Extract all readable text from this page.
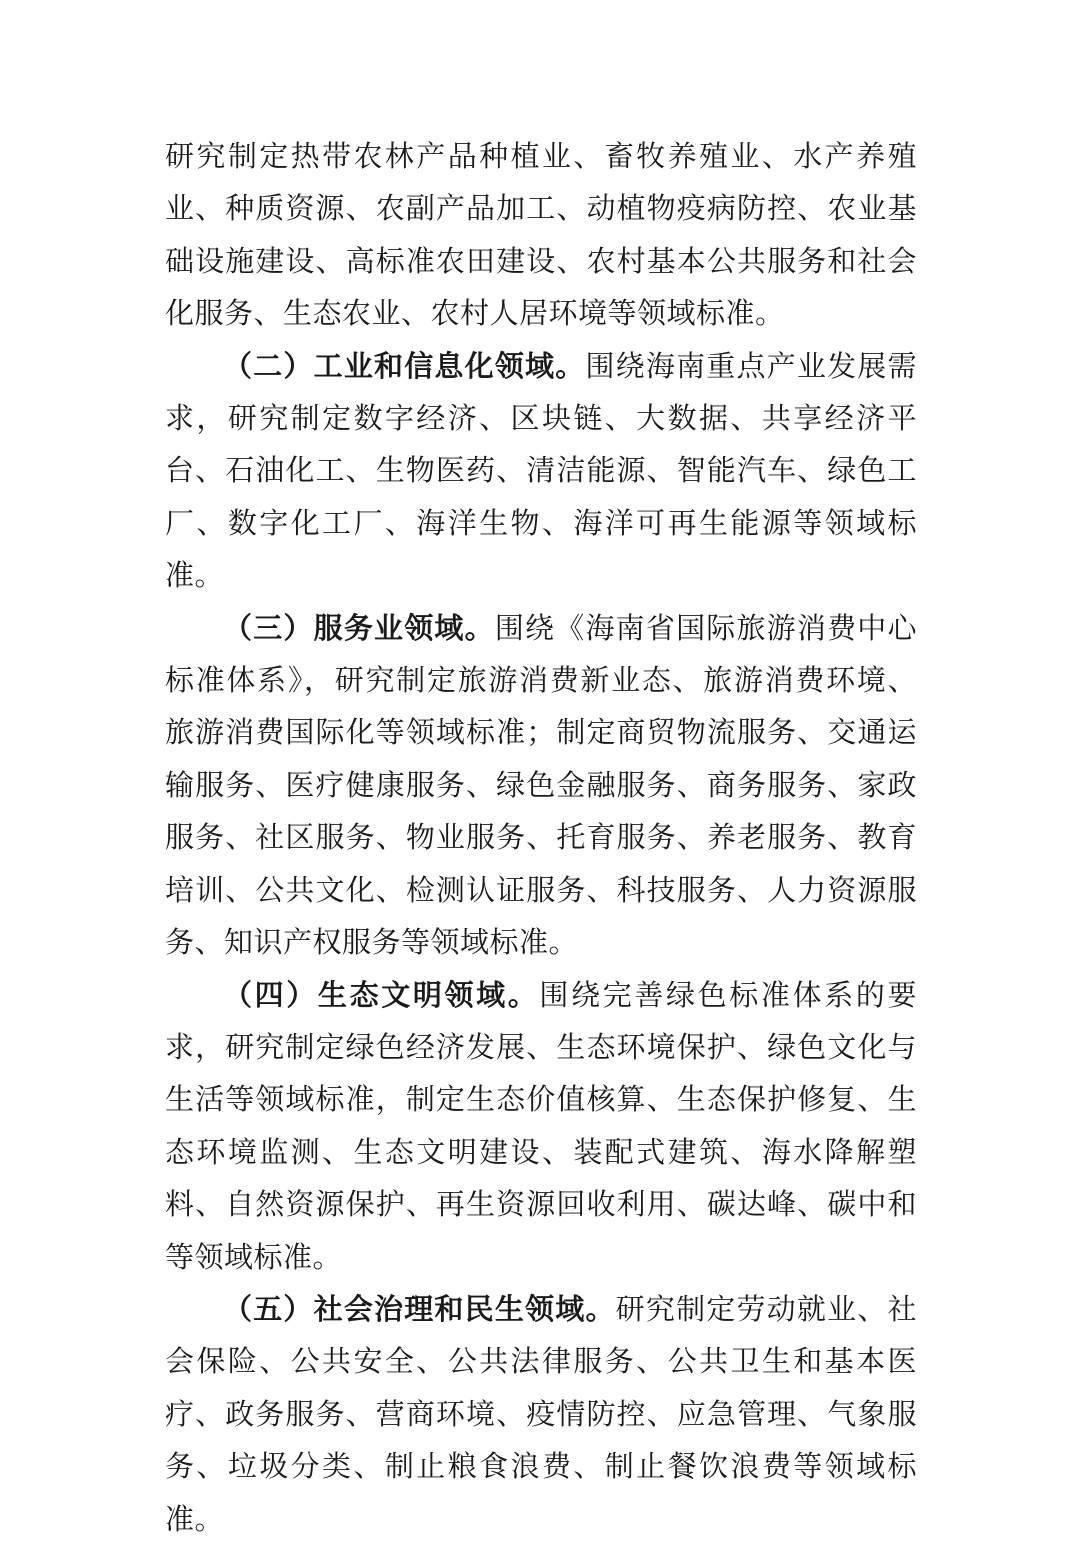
研究制定热带农林产品种植业、畜牧养殖业、水产养殖业、种质资源、农副产品加工、动植物疫病防控、农业基础设施建设、高标准农田建设、农村基本公共服务和社会化服务、生态农业、农村人居环境等领域标准。

（二）工业和信息化领域。围绕海南重点产业发展需求，研究制定数字经济、区块链、大数据、共享经济平台、石油化工、生物医药、清洁能源、智能汽车、绿色工厂、数字化工厂、海洋生物、海洋可再生能源等领域标准。

（三）服务业领域。围绕《海南省国际旅游消费中心标准体系》，研究制定旅游消费新业态、旅游消费环境、旅游消费国际化等领域标准；制定商贸物流服务、交通运输服务、医疗健康服务、绿色金融服务、商务服务、家政服务、社区服务、物业服务、托育服务、养老服务、教育培训、公共文化、检测认证服务、科技服务、人力资源服务、知识产权服务等领域标准。

（四）生态文明领域。围绕完善绿色标准体系的要求，研究制定绿色经济发展、生态环境保护、绿色文化与生活等领域标准，制定生态价值核算、生态保护修复、生态环境监测、生态文明建设、装配式建筑、海水降解塑料、自然资源保护、再生资源回收利用、碳达峰、碳中和等领域标准。

（五）社会治理和民生领域。研究制定劳动就业、社会保险、公共安全、公共法律服务、公共卫生和基本医疗、政务服务、营商环境、疫情防控、应急管理、气象服务、垃圾分类、制止粮食浪费、制止餐饮浪费等领域标准。
